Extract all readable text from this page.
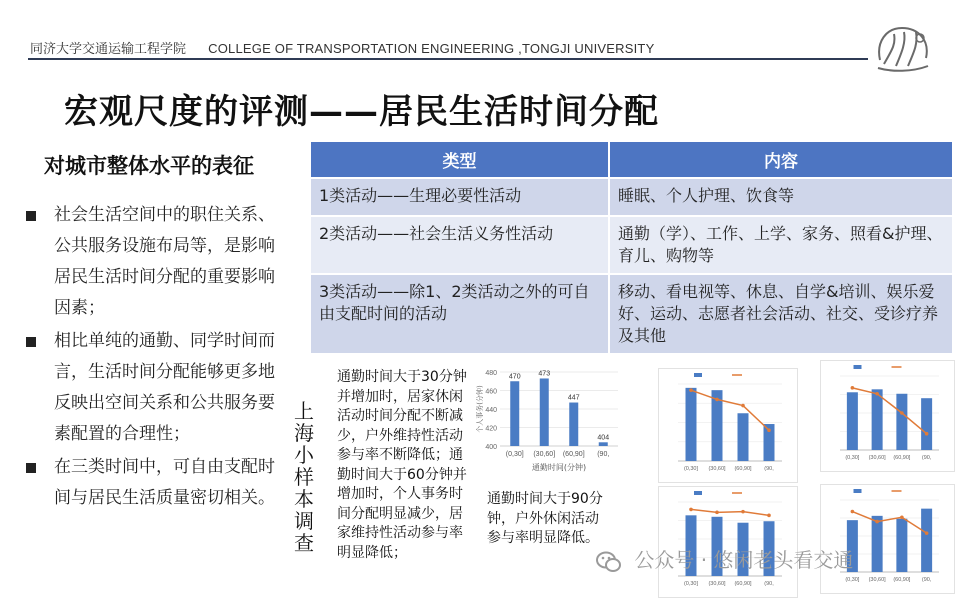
同济大学交通运输工程学院 COLLEGE OF TRANSPORTATION ENGINEERING ,TONGJI UNIVERSITY
宏观尺度的评测——居民生活时间分配
对城市整体水平的表征
社会生活空间中的职住关系、公共服务设施布局等，是影响居民生活时间分配的重要影响因素；
相比单纯的通勤、同学时间而言，生活时间分配能够更多地反映出空间关系和公共服务要素配置的合理性；
在三类时间中，可自由支配时间与居民生活质量密切相关。
类型	内容
1类活动——生理必要性活动	睡眠、个人护理、饮食等
2类活动——社会生活义务性活动	通勤（学）、工作、上学、家务、照看&护理、育儿、购物等
3类活动——除1、2类活动之外的可自由支配时间的活动	移动、看电视等、休息、自学&培训、娱乐爱好、运动、志愿者社会活动、社交、受诊疗养及其他
上海小样本调查
通勤时间大于30分钟并增加时，居家休闲活动时间分配不断减少，户外维持性活动参与率不断降低；通勤时间大于60分钟并增加时，个人事务时间分配明显减少，居家维持性活动参与率明显降低；
通勤时间大于90分钟，户外休闲活动参与率明显降低。
480
460
440
420
400
个人事务(分钟)
470
(0,30]
473
(30,60]
447
(60,90]
404
(90,
通勤时间(分钟)	(0,30] (30,60] (60,90] (90,
(0,30] (30,60] (60,90] (90,
(0,30] (30,60] (60,90] (90,
(0,30] (30,60] (60,90] (90,
公众号 · 悠闲老头看交通
